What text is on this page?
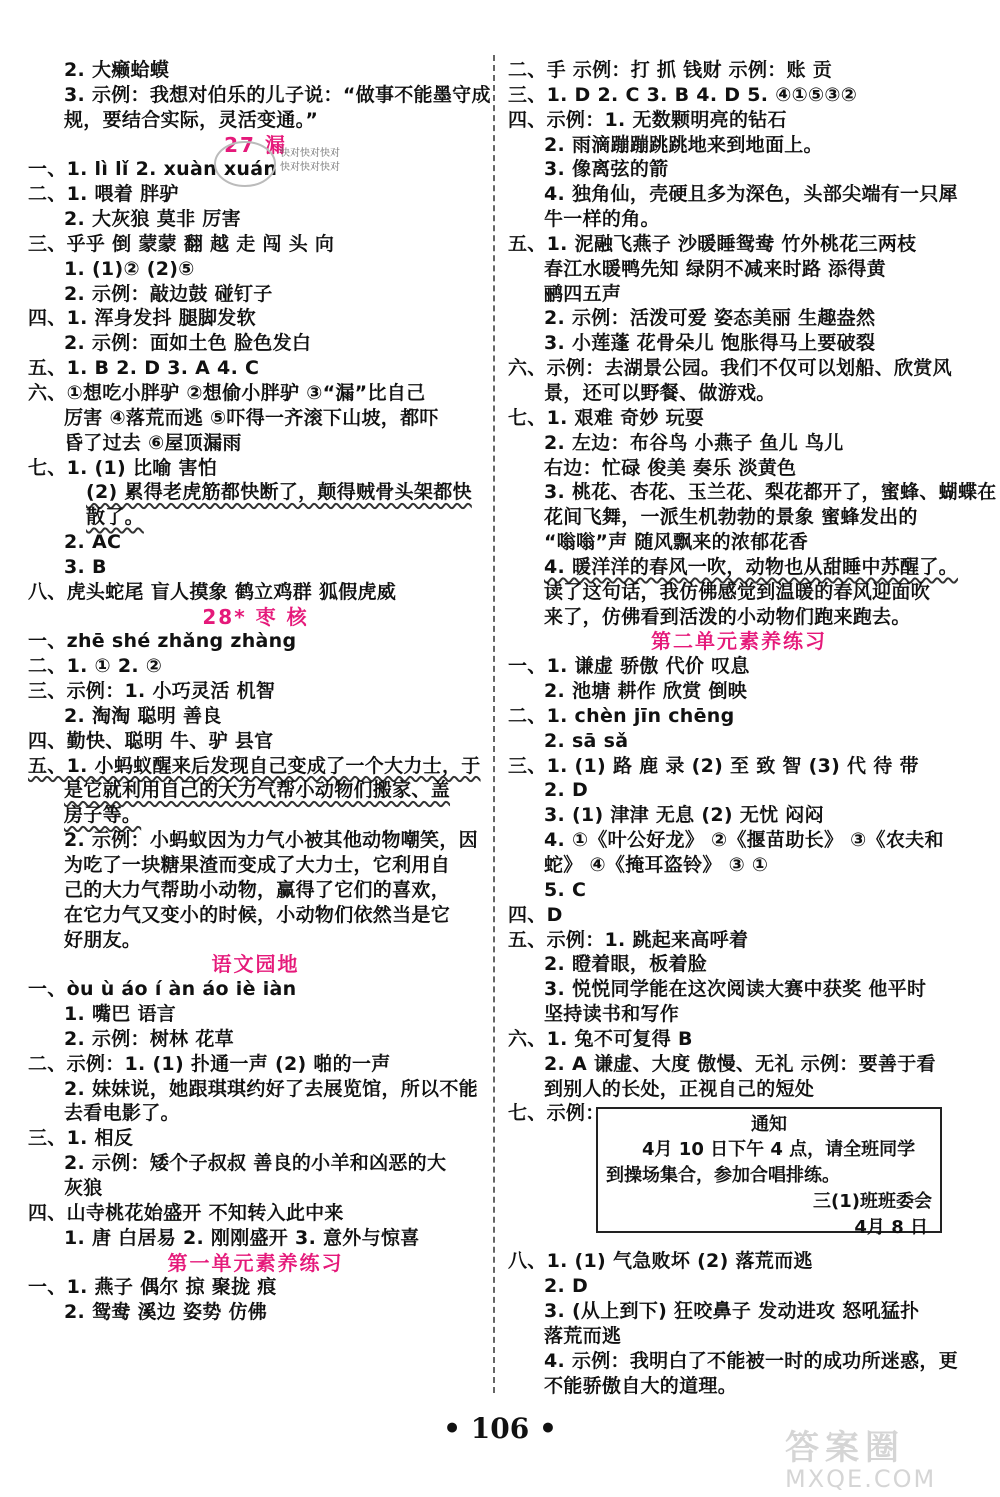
2. 大癞蛤蟆
3. 示例：我想对伯乐的儿子说：“做事不能墨守成
规，要结合实际，灵活变通。”
27 漏
一、1. lì lǐ 2. xuàn xuán
二、1. 喂着 胖驴
2. 大灰狼 莫非 厉害
三、乎乎 倒 蒙蒙 翻 越 走 闯 头 向
1. (1)② (2)⑤
2. 示例：敲边鼓 碰钉子
四、1. 浑身发抖 腿脚发软
2. 示例：面如土色 脸色发白
五、1. B 2. D 3. A 4. C
六、①想吃小胖驴 ②想偷小胖驴 ③“漏”比自己
厉害 ④落荒而逃 ⑤吓得一齐滚下山坡，都吓
昏了过去 ⑥屋顶漏雨
七、1. (1) 比喻 害怕
(2) 累得老虎筋都快断了，颠得贼骨头架都快
散了。
2. AC
3. B
八、虎头蛇尾 盲人摸象 鹤立鸡群 狐假虎威
28* 枣 核
一、zhē shé zhǎng zhàng
二、1. ① 2. ②
三、示例：1. 小巧灵活 机智
2. 淘淘 聪明 善良
四、勤快、聪明 牛、驴 县官
五、1. 小蚂蚁醒来后发现自己变成了一个大力士，于
是它就利用自己的大力气帮小动物们搬家、盖
房子等。
2. 示例：小蚂蚁因为力气小被其他动物嘲笑，因
为吃了一块糖果渣而变成了大力士，它利用自
己的大力气帮助小动物，赢得了它们的喜欢，
在它力气又变小的时候，小动物们依然当是它
好朋友。
语文园地
一、òu ù áo í àn áo iè iàn
1. 嘴巴 语言
2. 示例：树林 花草
二、示例：1. (1) 扑通一声 (2) 啪的一声
2. 妹妹说，她跟琪琪约好了去展览馆，所以不能
去看电影了。
三、1. 相反
2. 示例：矮个子叔叔 善良的小羊和凶恶的大
灰狼
四、山寺桃花始盛开 不知转入此中来
1. 唐 白居易 2. 刚刚盛开 3. 意外与惊喜
第一单元素养练习
一、1. 燕子 偶尔 掠 聚拢 痕
2. 鸳鸯 溪边 姿势 仿佛
二、手 示例：打 抓 钱财 示例：账 贡
三、1. D 2. C 3. B 4. D 5. ④①⑤③②
四、示例：1. 无数颗明亮的钻石
2. 雨滴蹦蹦跳跳地来到地面上。
3. 像离弦的箭
4. 独角仙，壳硬且多为深色，头部尖端有一只犀
牛一样的角。
五、1. 泥融飞燕子 沙暖睡鸳鸯 竹外桃花三两枝
春江水暖鸭先知 绿阴不减来时路 添得黄
鹂四五声
2. 示例：活泼可爱 姿态美丽 生趣盎然
3. 小莲蓬 花骨朵儿 饱胀得马上要破裂
六、示例：去湖景公园。我们不仅可以划船、欣赏风
景，还可以野餐、做游戏。
七、1. 艰难 奇妙 玩耍
2. 左边：布谷鸟 小燕子 鱼儿 鸟儿
右边：忙碌 俊美 奏乐 淡黄色
3. 桃花、杏花、玉兰花、梨花都开了，蜜蜂、蝴蝶在
花间飞舞，一派生机勃勃的景象 蜜蜂发出的
“嗡嗡”声 随风飘来的浓郁花香
4. 暖洋洋的春风一吹，动物也从甜睡中苏醒了。
读了这句话，我仿佛感觉到温暖的春风迎面吹
来了，仿佛看到活泼的小动物们跑来跑去。
第二单元素养练习
一、1. 谦虚 骄傲 代价 叹息
2. 池塘 耕作 欣赏 倒映
二、1. chèn jīn chēng
2. sā sǎ
三、1. (1) 路 鹿 录 (2) 至 致 智 (3) 代 待 带
2. D
3. (1) 津津 无息 (2) 无忧 闷闷
4. ①《叶公好龙》 ②《揠苗助长》 ③《农夫和
蛇》 ④《掩耳盗铃》 ③ ①
5. C
四、D
五、示例：1. 跳起来高呼着
2. 瞪着眼，板着脸
3. 悦悦同学能在这次阅读大赛中获奖 他平时
坚持读书和写作
六、1. 兔不可复得 B
2. A 谦虚、大度 傲慢、无礼 示例：要善于看
到别人的长处，正视自己的短处
七、示例：
通知
4月 10 日下午 4 点，请全班同学到操场集合，参加合唱排练。
三(1)班班委会
4月 8 日
八、1. (1) 气急败坏 (2) 落荒而逃
2. D
3. (从上到下) 狂咬鼻子 发动进攻 怒吼猛扑
落荒而逃
4. 示例：我明白了不能被一时的成功所迷惑，更
不能骄傲自大的道理。
快对快对快对
快对快对快对
• 106 •	答案圈
MXQE.COM
